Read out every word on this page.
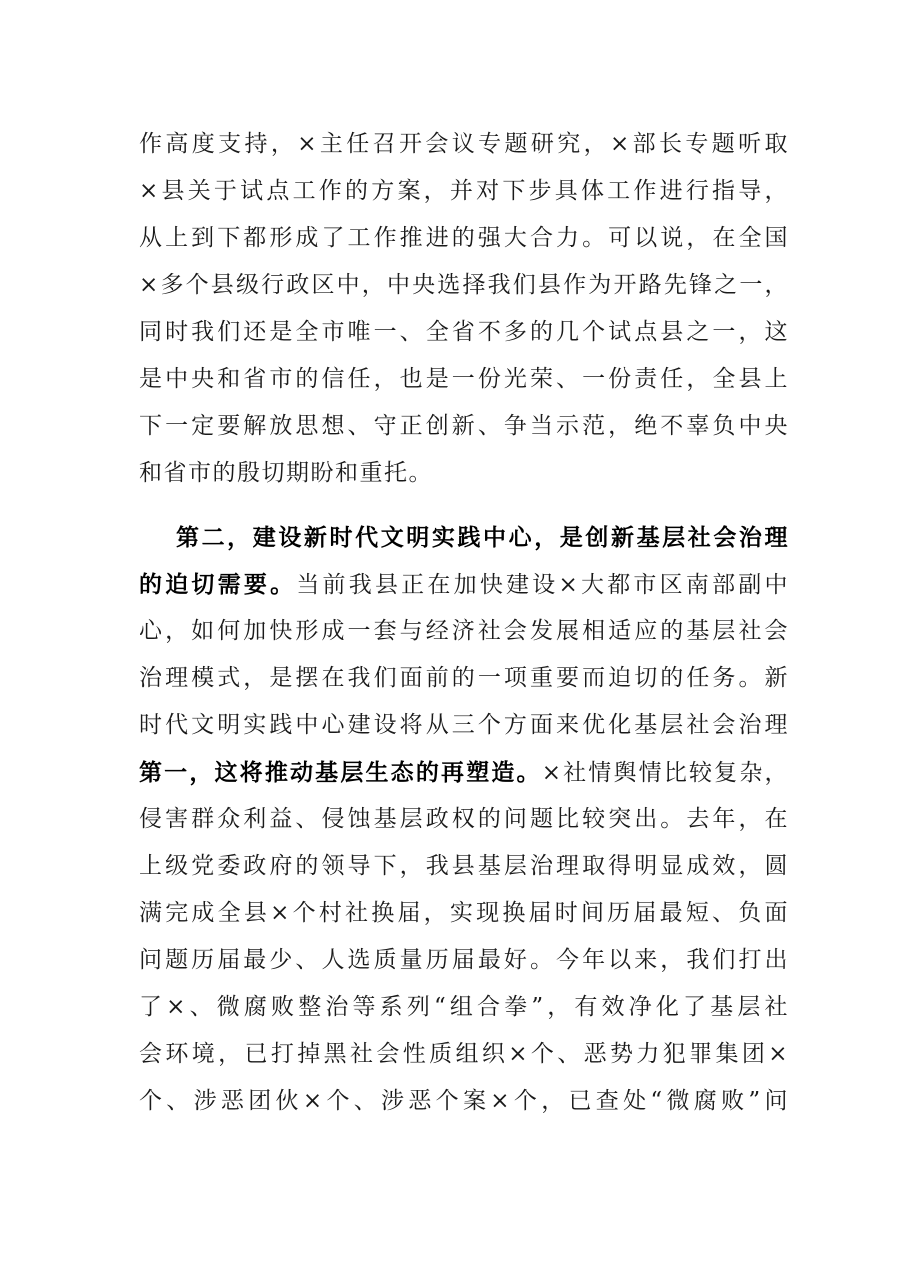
作高度支持，×主任召开会议专题研究，×部长专题听取
×县关于试点工作的方案，并对下步具体工作进行指导，
从上到下都形成了工作推进的强大合力。可以说，在全国
×多个县级行政区中，中央选择我们县作为开路先锋之一，
同时我们还是全市唯一、全省不多的几个试点县之一，这
是中央和省市的信任，也是一份光荣、一份责任，全县上
下一定要解放思想、守正创新、争当示范，绝不辜负中央
和省市的殷切期盼和重托。
第二，建设新时代文明实践中心，是创新基层社会治理
的迫切需要。当前我县正在加快建设×大都市区南部副中
心，如何加快形成一套与经济社会发展相适应的基层社会
治理模式，是摆在我们面前的一项重要而迫切的任务。新
时代文明实践中心建设将从三个方面来优化基层社会治理
第一，这将推动基层生态的再塑造。×社情舆情比较复杂，
侵害群众利益、侵蚀基层政权的问题比较突出。去年，在
上级党委政府的领导下，我县基层治理取得明显成效，圆
满完成全县×个村社换届，实现换届时间历届最短、负面
问题历届最少、人选质量历届最好。今年以来，我们打出
了×、微腐败整治等系列“组合拳”，有效净化了基层社
会环境，已打掉黑社会性质组织×个、恶势力犯罪集团×
个、涉恶团伙×个、涉恶个案×个，已查处“微腐败”问
